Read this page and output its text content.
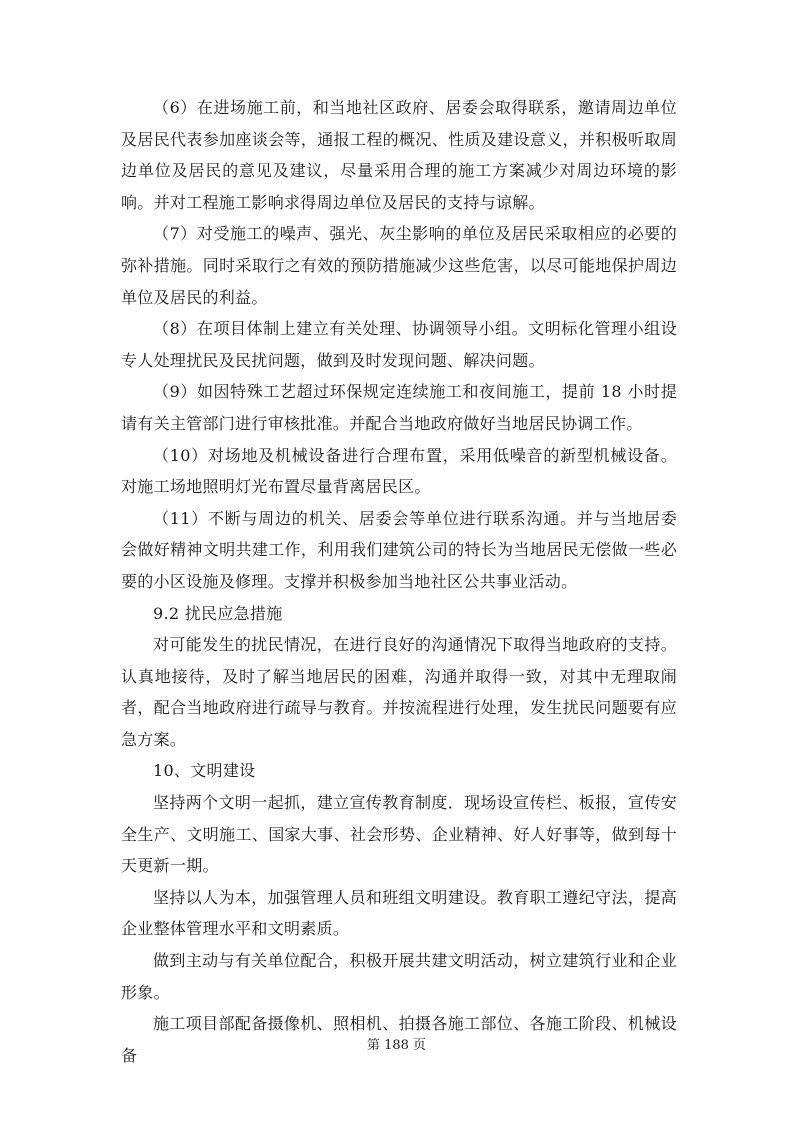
（6）在进场施工前，和当地社区政府、居委会取得联系，邀请周边单位及居民代表参加座谈会等，通报工程的概况、性质及建设意义，并积极听取周边单位及居民的意见及建议，尽量采用合理的施工方案减少对周边环境的影响。并对工程施工影响求得周边单位及居民的支持与谅解。

（7）对受施工的噪声、强光、灰尘影响的单位及居民采取相应的必要的弥补措施。同时采取行之有效的预防措施减少这些危害，以尽可能地保护周边单位及居民的利益。

（8）在项目体制上建立有关处理、协调领导小组。文明标化管理小组设专人处理扰民及民扰问题，做到及时发现问题、解决问题。

（9）如因特殊工艺超过环保规定连续施工和夜间施工，提前 18 小时提请有关主管部门进行审核批准。并配合当地政府做好当地居民协调工作。

（10）对场地及机械设备进行合理布置，采用低噪音的新型机械设备。对施工场地照明灯光布置尽量背离居民区。

（11）不断与周边的机关、居委会等单位进行联系沟通。并与当地居委会做好精神文明共建工作，利用我们建筑公司的特长为当地居民无偿做一些必要的小区设施及修理。支撑并积极参加当地社区公共事业活动。

9.2 扰民应急措施

对可能发生的扰民情况，在进行良好的沟通情况下取得当地政府的支持。认真地接待，及时了解当地居民的困难，沟通并取得一致，对其中无理取闹者，配合当地政府进行疏导与教育。并按流程进行处理，发生扰民问题要有应急方案。

10、文明建设

坚持两个文明一起抓，建立宣传教育制度．现场设宣传栏、板报，宣传安全生产、文明施工、国家大事、社会形势、企业精神、好人好事等，做到每十天更新一期。

坚持以人为本，加强管理人员和班组文明建设。教育职工遵纪守法，提高企业整体管理水平和文明素质。

做到主动与有关单位配合，积极开展共建文明活动，树立建筑行业和企业形象。

施工项目部配备摄像机、照相机、拍摄各施工部位、各施工阶段、机械设备

第 188 页
